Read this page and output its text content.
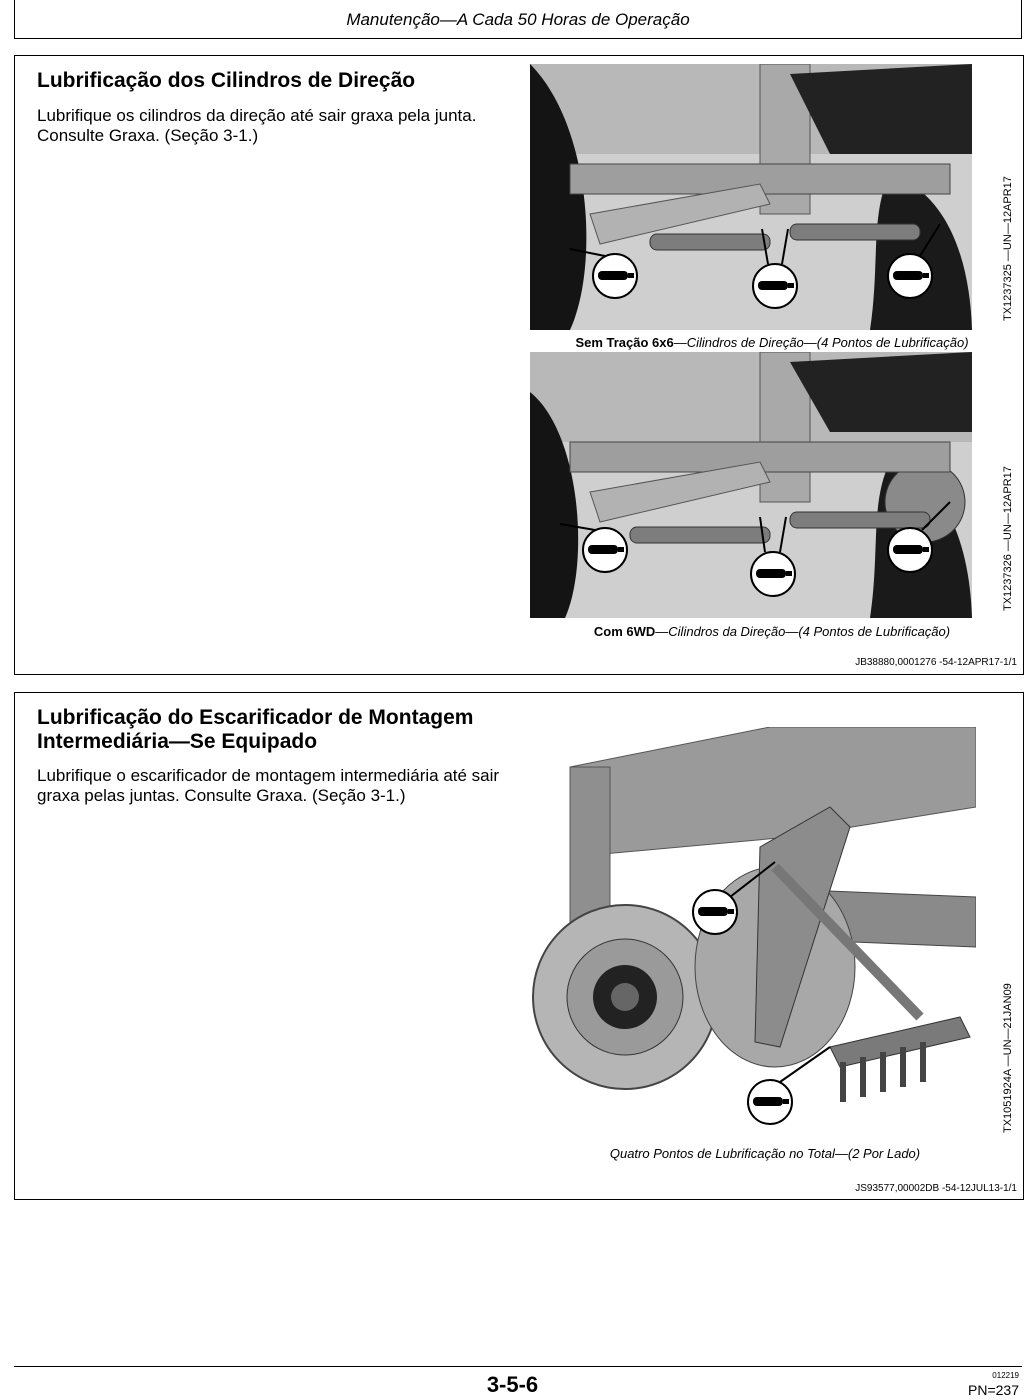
Manutenção—A Cada 50 Horas de Operação
Lubrificação dos Cilindros de Direção

Lubrifique os cilindros da direção até sair graxa pela junta. Consulte Graxa. (Seção 3-1.)

Sem Tração 6x6—Cilindros de Direção—(4 Pontos de Lubrificação)
TX1237325 —UN—12APR17
Com 6WD—Cilindros da Direção—(4 Pontos de Lubrificação)
TX1237326 —UN—12APR17
JB38880,0001276 -54-12APR17-1/1
Lubrificação do Escarificador de Montagem
Intermediária—Se Equipado

Lubrifique o escarificador de montagem intermediária até sair graxa pelas juntas. Consulte Graxa. (Seção 3-1.)

Quatro Pontos de Lubrificação no Total—(2 Por Lado)
TX1051924A —UN—21JAN09
JS93577,00002DB -54-12JUL13-1/1
3-5-6	012219
PN=237
